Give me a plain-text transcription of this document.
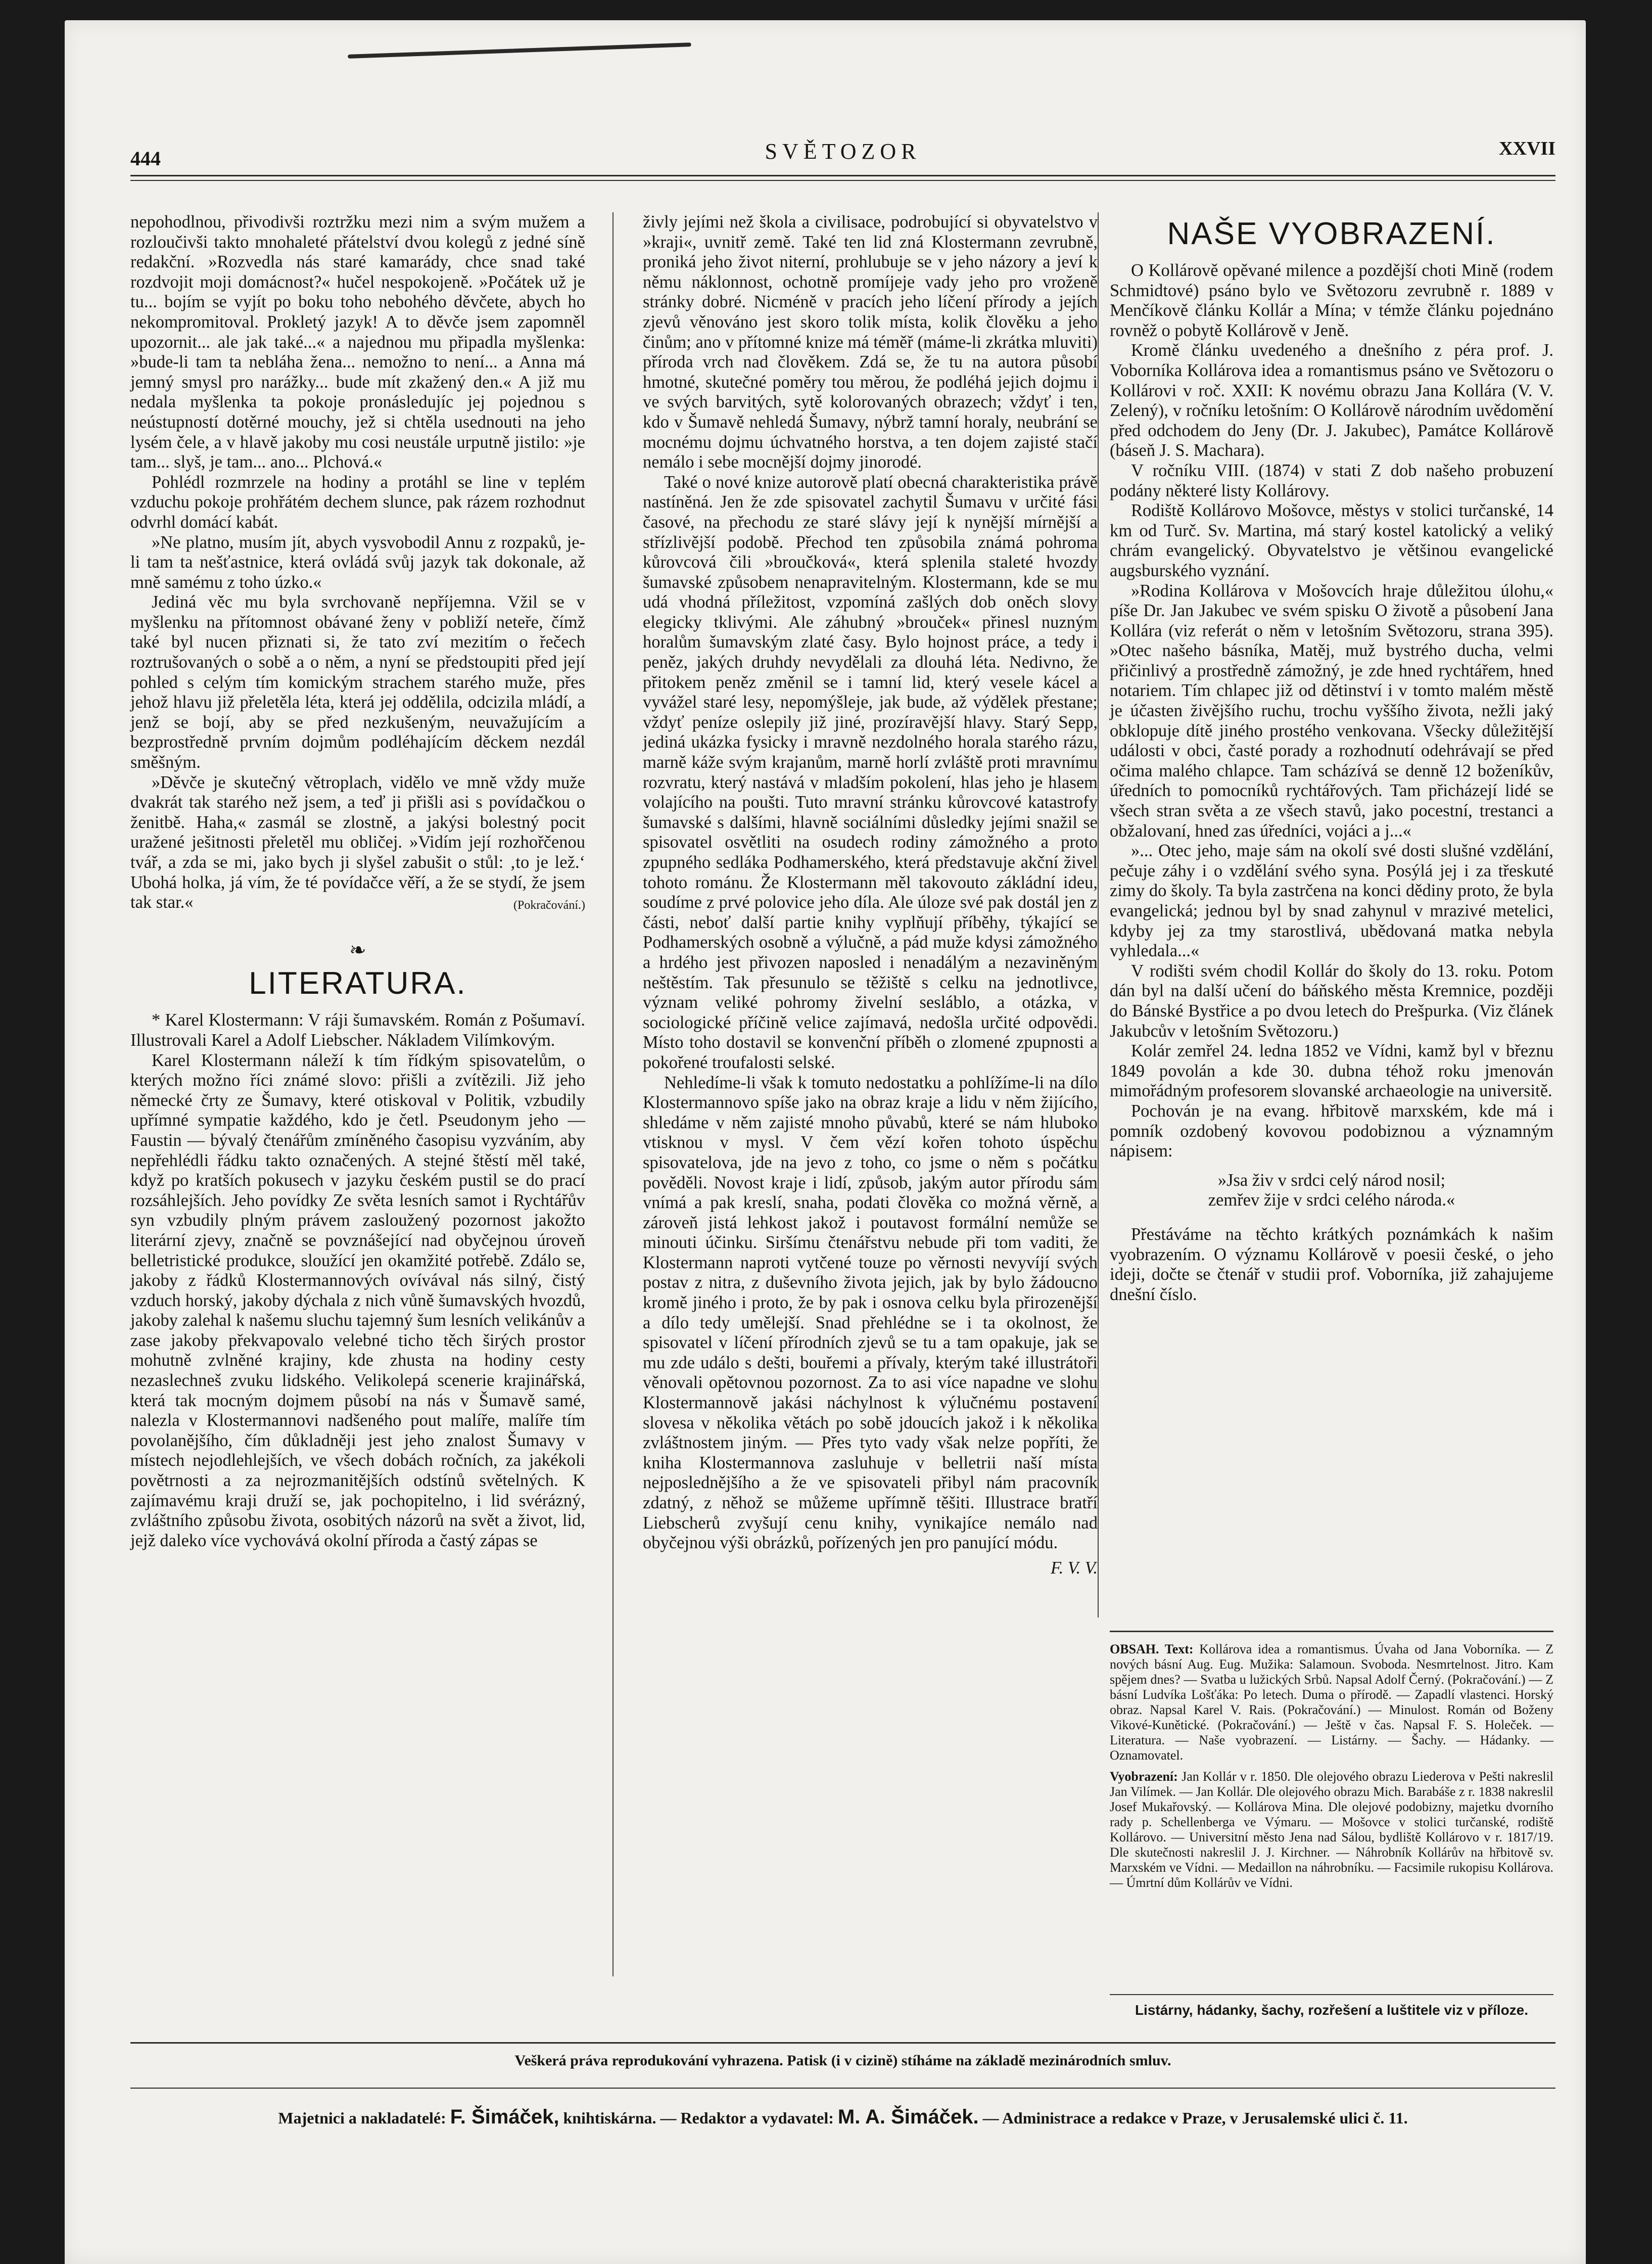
444	SVĚTOZOR	XXVII

nepohodlnou, přivodivši roztržku mezi nim a svým mužem a rozloučivši takto mnohaleté přátelství dvou kolegů z jedné síně redakční. »Rozvedla nás staré kamarády, chce snad také rozdvojit moji domácnost?« hučel nespokojeně. »Počátek už je tu... bojím se vyjít po boku toho nebohého děvčete, abych ho nekompromitoval. Prokletý jazyk! A to děvče jsem zapomněl upozornit... ale jak také...« a najednou mu připadla myšlenka: »bude-li tam ta nebláha žena... nemožno to není... a Anna má jemný smysl pro narážky... bude mít zkažený den.« A již mu nedala myšlenka ta pokoje pronásledujíc jej pojednou s neústupností dotěrné mouchy, jež si chtěla usednouti na jeho lysém čele, a v hlavě jakoby mu cosi neustále urputně jistilo: »je tam... slyš, je tam... ano... Plchová.«

Pohlédl rozmrzele na hodiny a protáhl se line v teplém vzduchu pokoje prohřátém dechem slunce, pak rázem rozhodnut odvrhl domácí kabát.

»Ne platno, musím jít, abych vysvobodil Annu z rozpaků, je-li tam ta nešťastnice, která ovládá svůj jazyk tak dokonale, až mně samému z toho úzko.«

Jediná věc mu byla svrchovaně nepříjemna. Vžil se v myšlenku na přítomnost obávané ženy v pobliží neteře, čímž také byl nucen přiznati si, že tato zví mezitím o řečech roztrušovaných o sobě a o něm, a nyní se předstoupiti před její pohled s celým tím komickým strachem starého muže, přes jehož hlavu již přeletěla léta, která jej oddělila, odcizila mládí, a jenž se bojí, aby se před nezkušeným, neuvažujícím a bezprostředně prvním dojmům podléhajícím děckem nezdál směšným.

»Děvče je skutečný větroplach, vidělo ve mně vždy muže dvakrát tak starého než jsem, a teď ji přišli asi s povídačkou o ženitbě. Haha,« zasmál se zlostně, a jakýsi bolestný pocit uražené ješitnosti přeletěl mu obličej. »Vidím její rozhořčenou tvář, a zda se mi, jako bych ji slyšel zabušit o stůl: ‚to je lež.‘ Ubohá holka, já vím, že té povídačce věří, a že se stydí, že jsem tak star.«	(Pokračování.)

❧
LITERATURA.

* Karel Klostermann: V ráji šumavském. Román z Pošumaví. Illustrovali Karel a Adolf Liebscher. Nákladem Vilímkovým.

Karel Klostermann náleží k tím řídkým spisovatelům, o kterých možno říci známé slovo: přišli a zvítězili. Již jeho německé črty ze Šumavy, které otiskoval v Politik, vzbudily upřímné sympatie každého, kdo je četl. Pseudonym jeho — Faustin — bývalý čtenářům zmíněného časopisu vyzváním, aby nepřehlédli řádku takto označených. A stejné štěstí měl také, když po kratších pokusech v jazyku českém pustil se do prací rozsáhlejších. Jeho povídky Ze světa lesních samot i Rychtářův syn vzbudily plným právem zasloužený pozornost jakožto literární zjevy, značně se povznášející nad obyčejnou úroveň belletristické produkce, sloužící jen okamžité potřebě. Zdálo se, jakoby z řádků Klostermannových ovívával nás silný, čistý vzduch horský, jakoby dýchala z nich vůně šumavských hvozdů, jakoby zalehal k našemu sluchu tajemný šum lesních velikánův a zase jakoby překvapovalo velebné ticho těch širých prostor mohutně zvlněné krajiny, kde zhusta na hodiny cesty nezaslechneš zvuku lidského. Velikolepá scenerie krajinářská, která tak mocným dojmem působí na nás v Šumavě samé, nalezla v Klostermannovi nadšeného pout malíře, malíře tím povolanějšího, čím důkladněji jest jeho znalost Šumavy v místech nejodlehlejších, ve všech dobách ročních, za jakékoli povětrnosti a za nejrozmanitějších odstínů světelných. K zajímavému kraji druží se, jak pochopitelno, i lid svérázný, zvláštního způsobu života, osobitých názorů na svět a život, lid, jejž daleko více vychovává okolní příroda a častý zápas se

živly jejími než škola a civilisace, podrobující si obyvatelstvo v »kraji«, uvnitř země. Také ten lid zná Klostermann zevrubně, proniká jeho život niterní, prohlubuje se v jeho názory a jeví k němu náklonnost, ochotně promíjeje vady jeho pro vroženě stránky dobré. Nicméně v pracích jeho líčení přírody a jejích zjevů věnováno jest skoro tolik místa, kolik člověku a jeho činům; ano v přítomné knize má téměř (máme-li zkrátka mluviti) příroda vrch nad člověkem. Zdá se, že tu na autora působí hmotné, skutečné poměry tou měrou, že podléhá jejich dojmu i ve svých barvitých, sytě kolorovaných obrazech; vždyť i ten, kdo v Šumavě nehledá Šumavy, nýbrž tamní horaly, neubrání se mocnému dojmu úchvatného horstva, a ten dojem zajisté stačí nemálo i sebe mocnější dojmy jinorodé.

Také o nové knize autorově platí obecná charakteristika právě nastíněná. Jen že zde spisovatel zachytil Šumavu v určité fási časové, na přechodu ze staré slávy její k nynější mírnější a střízlivější podobě. Přechod ten způsobila známá pohroma kůrovcová čili »broučková«, která splenila staleté hvozdy šumavské způsobem nenapravitelným. Klostermann, kde se mu udá vhodná příležitost, vzpomíná zašlých dob oněch slovy elegicky tklivými. Ale záhubný »brouček« přinesl nuzným horalům šumavským zlaté časy. Bylo hojnost práce, a tedy i peněz, jakých druhdy nevydělali za dlouhá léta. Nedivno, že přitokem peněz změnil se i tamní lid, který vesele kácel a vyvážel staré lesy, nepomýšleje, jak bude, až výdělek přestane; vždyť peníze oslepily již jiné, prozíravější hlavy. Starý Sepp, jediná ukázka fysicky i mravně nezdolného horala starého rázu, marně káže svým krajanům, marně horlí zvláště proti mravnímu rozvratu, který nastává v mladším pokolení, hlas jeho je hlasem volajícího na poušti. Tuto mravní stránku kůrovcové katastrofy šumavské s dalšími, hlavně sociálními důsledky jejími snažil se spisovatel osvětliti na osudech rodiny zámožného a proto zpupného sedláka Podhamerského, která představuje akční živel tohoto románu. Že Klostermann měl takovouto zákládní ideu, soudíme z prvé polovice jeho díla. Ale úloze své pak dostál jen z části, neboť další partie knihy vyplňují příběhy, týkající se Podhamerských osobně a výlučně, a pád muže kdysi zámožného a hrdého jest přivozen naposled i nenadálým a nezaviněným neštěstím. Tak přesunulo se těžiště s celku na jednotlivce, význam veliké pohromy živelní sesláblo, a otázka, v sociologické příčině velice zajímavá, nedošla určité odpovědi. Místo toho dostavil se konvenční příběh o zlomené zpupnosti a pokořené troufalosti selské.

Nehledíme-li však k tomuto nedostatku a pohlížíme-li na dílo Klostermannovo spíše jako na obraz kraje a lidu v něm žijícího, shledáme v něm zajisté mnoho půvabů, které se nám hluboko vtisknou v mysl. V čem vězí kořen tohoto úspěchu spisovatelova, jde na jevo z toho, co jsme o něm s počátku pověděli. Novost kraje i lidí, způsob, jakým autor přírodu sám vnímá a pak kreslí, snaha, podati člověka co možná věrně, a zároveň jistá lehkost jakož i poutavost formální nemůže se minouti účinku. Siršímu čtenářstvu nebude při tom vaditi, že Klostermann naproti vytčené touze po věrnosti nevyvíjí svých postav z nitra, z duševního života jejich, jak by bylo žádoucno kromě jiného i proto, že by pak i osnova celku byla přirozenější a dílo tedy umělejší. Snad přehlédne se i ta okolnost, že spisovatel v líčení přírodních zjevů se tu a tam opakuje, jak se mu zde událo s dešti, bouřemi a přívaly, kterým také illustrátoři věnovali opětovnou pozornost. Za to asi více napadne ve slohu Klostermannově jakási náchylnost k výlučnému postavení slovesa v několika větách po sobě jdoucích jakož i k několika zvláštnostem jiným. — Přes tyto vady však nelze popříti, že kniha Klostermannova zasluhuje v belletrii naší místa nejposlednějšího a že ve spisovateli přibyl nám pracovník zdatný, z něhož se můžeme upřímně těšiti. Illustrace bratří Liebscherů zvyšují cenu knihy, vynikajíce nemálo nad obyčejnou výši obrázků, pořízených jen pro panující módu.

F. V. V.
NAŠE VYOBRAZENÍ.

O Kollárově opěvané milence a pozdější choti Mině (rodem Schmidtové) psáno bylo ve Světozoru zevrubně r. 1889 v Menčíkově článku Kollár a Mína; v témže článku pojednáno rovněž o pobytě Kollárově v Jeně.

Kromě článku uvedeného a dnešního z péra prof. J. Voborníka Kollárova idea a romantismus psáno ve Světozoru o Kollárovi v roč. XXII: K novému obrazu Jana Kollára (V. V. Zelený), v ročníku letošním: O Kollárově národním uvědomění před odchodem do Jeny (Dr. J. Jakubec), Památce Kollárově (báseň J. S. Machara).

V ročníku VIII. (1874) v stati Z dob našeho probuzení podány některé listy Kollárovy.

Rodiště Kollárovo Mošovce, městys v stolici turčanské, 14 km od Turč. Sv. Martina, má starý kostel katolický a veliký chrám evangelický. Obyvatelstvo je většinou evangelické augsburského vyznání.

»Rodina Kollárova v Mošovcích hraje důležitou úlohu,« píše Dr. Jan Jakubec ve svém spisku O životě a působení Jana Kollára (viz referát o něm v letošním Světozoru, strana 395). »Otec našeho básníka, Matěj, muž bystrého ducha, velmi přičinlivý a prostředně zámožný, je zde hned rychtářem, hned notariem. Tím chlapec již od dětinství i v tomto malém městě je účasten živějšího ruchu, trochu vyššího života, nežli jaký obklopuje dítě jiného prostého venkovana. Všecky důležitější události v obci, časté porady a rozhodnutí odehrávají se před očima malého chlapce. Tam scházívá se denně 12 boženíkův, úředních to pomocníků rychtářových. Tam přicházejí lidé se všech stran světa a ze všech stavů, jako pocestní, trestanci a obžalovaní, hned zas úředníci, vojáci a j...«

»... Otec jeho, maje sám na okolí své dosti slušné vzdělání, pečuje záhy i o vzdělání svého syna. Posýlá jej i za třeskuté zimy do školy. Ta byla zastrčena na konci dědiny proto, že byla evangelická; jednou byl by snad zahynul v mrazivé meteliсi, kdyby jej za tmy starostlivá, ubědovaná matka nebyla vyhledala...«

V rodišti svém chodil Kollár do školy do 13. roku. Potom dán byl na další učení do báňského města Kremnice, později do Bánské Bystřice a po dvou letech do Prešpurka. (Viz článek Jakubcův v letošním Světozoru.)

Kolár zemřel 24. ledna 1852 ve Vídni, kamž byl v březnu 1849 povolán a kde 30. dubna téhož roku jmenován mimořádným profesorem slovanské archaeologie na universitě.

Pochován je na evang. hřbitově marxském, kde má i pomník ozdobený kovovou podobiznou a významným nápisem:

»Jsa živ v srdci celý národ nosil;
zemřev žije v srdci celého národa.«

Přestáváme na těchto krátkých poznámkách k našim vyobrazením. O významu Kollárově v poesii české, o jeho ideji, dočte se čtenář v studii prof. Voborníka, již zahajujeme dnešní číslo.

OBSAH. Text: Kollárova idea a romantismus. Úvaha od Jana Voborníka. — Z nových básní Aug. Eug. Mužika: Salamoun. Svoboda. Nesmrtelnost. Jitro. Kam spějem dnes? — Svatba u lužických Srbů. Napsal Adolf Černý. (Pokračování.) — Z básní Ludvíka Lošťáka: Po letech. Duma o přírodě. — Zapadlí vlastenci. Horský obraz. Napsal Karel V. Rais. (Pokračování.) — Minulost. Román od Boženy Vikové-Kunětické. (Pokračování.) — Ještě v čas. Napsal F. S. Holeček. — Literatura. — Naše vyobrazení. — Listárny. — Šachy. — Hádanky. — Oznamovatel.

Vyobrazení: Jan Kollár v r. 1850. Dle olejového obrazu Liederova v Pešti nakreslil Jan Vilímek. — Jan Kollár. Dle olejového obrazu Mich. Barabáše z r. 1838 nakreslil Josef Mukařovský. — Kollárova Mina. Dle olejové podobizny, majetku dvorního rady p. Schellenberga ve Výmaru. — Mošovce v stolici turčanské, rodiště Kollárovo. — Universitní město Jena nad Sálou, bydliště Kollárovo v r. 1817/19. Dle skutečnosti nakreslil J. J. Kirchner. — Náhrobník Kollárův na hřbitově sv. Marxském ve Vídni. — Medaillon na náhrobníku. — Facsimile rukopisu Kollárova. — Úmrtní dům Kollárův ve Vídni.

Listárny, hádanky, šachy, rozřešení a luštitele viz v příloze.
Veškerá práva reprodukování vyhrazena. Patisk (i v cizině) stíháme na základě mezinárodních smluv.
Majetnici a nakladatelé: F. Šimáček, knihtiskárna. — Redaktor a vydavatel: M. A. Šimáček. — Administrace a redakce v Praze, v Jerusalemské ulici č. 11.
